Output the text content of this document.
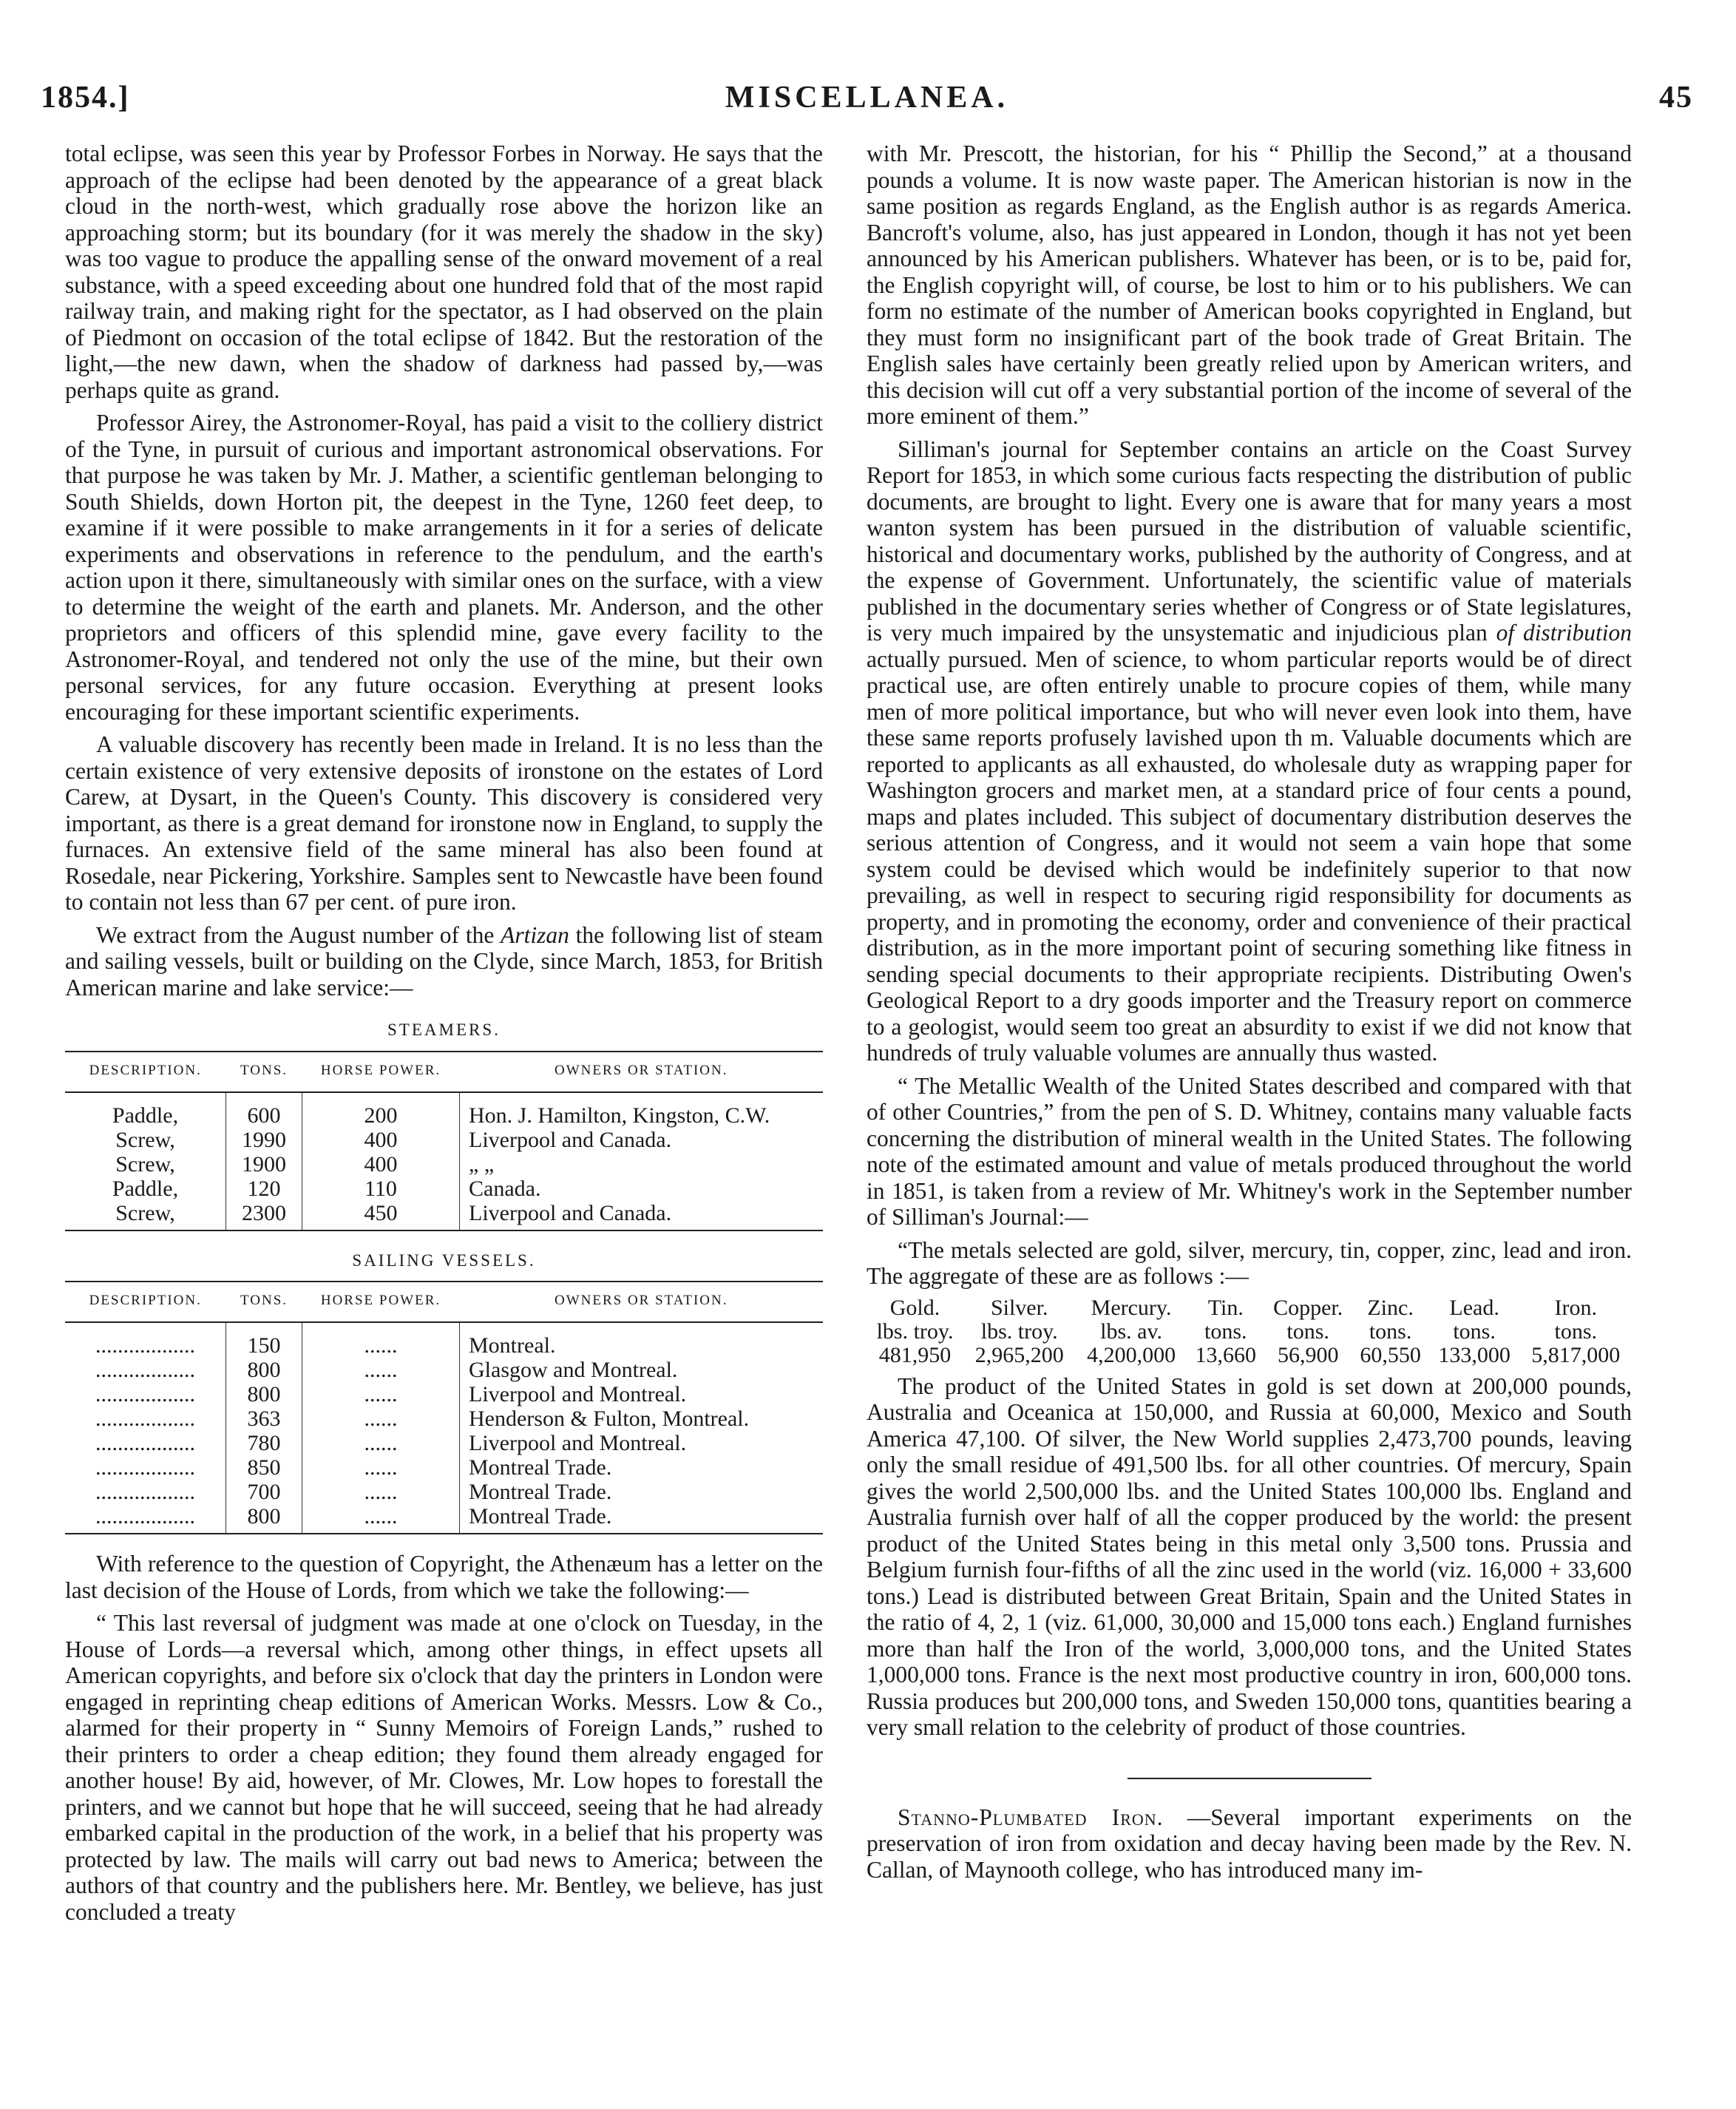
1854.]	MISCELLANEA.	45

total eclipse, was seen this year by Professor Forbes in Norway. He says that the approach of the eclipse had been denoted by the appearance of a great black cloud in the north-west, which gradually rose above the horizon like an approaching storm; but its boundary (for it was merely the shadow in the sky) was too vague to produce the appalling sense of the onward movement of a real substance, with a speed exceeding about one hundred fold that of the most rapid railway train, and making right for the spectator, as I had observed on the plain of Piedmont on occasion of the total eclipse of 1842. But the restoration of the light,—the new dawn, when the shadow of darkness had passed by,—was perhaps quite as grand.

Professor Airey, the Astronomer-Royal, has paid a visit to the colliery district of the Tyne, in pursuit of curious and important astronomical observations. For that purpose he was taken by Mr. J. Mather, a scientific gentleman belonging to South Shields, down Horton pit, the deepest in the Tyne, 1260 feet deep, to examine if it were possible to make arrangements in it for a series of delicate experiments and observations in reference to the pendulum, and the earth's action upon it there, simultaneously with similar ones on the surface, with a view to determine the weight of the earth and planets. Mr. Anderson, and the other proprietors and officers of this splendid mine, gave every facility to the Astronomer-Royal, and tendered not only the use of the mine, but their own personal services, for any future occasion. Everything at present looks encouraging for these important scientific experiments.

A valuable discovery has recently been made in Ireland. It is no less than the certain existence of very extensive deposits of ironstone on the estates of Lord Carew, at Dysart, in the Queen's County. This discovery is considered very important, as there is a great demand for ironstone now in England, to supply the furnaces. An extensive field of the same mineral has also been found at Rosedale, near Pickering, Yorkshire. Samples sent to Newcastle have been found to contain not less than 67 per cent. of pure iron.

We extract from the August number of the Artizan the following list of steam and sailing vessels, built or building on the Clyde, since March, 1853, for British American marine and lake service:—

STEAMERS.
DESCRIPTION.	TONS.	HORSE POWER.	OWNERS OR STATION.
Paddle,	600	200	Hon. J. Hamilton, Kingston, C.W.
Screw,	1990	400	Liverpool and Canada.
Screw,	1900	400	„ „
Paddle,	120	110	Canada.
Screw,	2300	450	Liverpool and Canada.
SAILING VESSELS.
DESCRIPTION.	TONS.	HORSE POWER.	OWNERS OR STATION.
..................	150	......	Montreal.
..................	800	......	Glasgow and Montreal.
..................	800	......	Liverpool and Montreal.
..................	363	......	Henderson & Fulton, Montreal.
..................	780	......	Liverpool and Montreal.
..................	850	......	Montreal Trade.
..................	700	......	Montreal Trade.
..................	800	......	Montreal Trade.

With reference to the question of Copyright, the Athenæum has a letter on the last decision of the House of Lords, from which we take the following:—

“ This last reversal of judgment was made at one o'clock on Tuesday, in the House of Lords—a reversal which, among other things, in effect upsets all American copyrights, and before six o'clock that day the printers in London were engaged in reprinting cheap editions of American Works. Messrs. Low & Co., alarmed for their property in “ Sunny Memoirs of Foreign Lands,” rushed to their printers to order a cheap edition; they found them already engaged for another house! By aid, however, of Mr. Clowes, Mr. Low hopes to forestall the printers, and we cannot but hope that he will succeed, seeing that he had already embarked capital in the production of the work, in a belief that his property was protected by law. The mails will carry out bad news to America; between the authors of that country and the publishers here. Mr. Bentley, we believe, has just concluded a treaty

with Mr. Prescott, the historian, for his “ Phillip the Second,” at a thousand pounds a volume. It is now waste paper. The American historian is now in the same position as regards England, as the English author is as regards America. Bancroft's volume, also, has just appeared in London, though it has not yet been announced by his American publishers. Whatever has been, or is to be, paid for, the English copyright will, of course, be lost to him or to his publishers. We can form no estimate of the number of American books copyrighted in England, but they must form no insignificant part of the book trade of Great Britain. The English sales have certainly been greatly relied upon by American writers, and this decision will cut off a very substantial portion of the income of several of the more eminent of them.”

Silliman's journal for September contains an article on the Coast Survey Report for 1853, in which some curious facts respecting the distribution of public documents, are brought to light. Every one is aware that for many years a most wanton system has been pursued in the distribution of valuable scientific, historical and documentary works, published by the authority of Congress, and at the expense of Government. Unfortunately, the scientific value of materials published in the documentary series whether of Congress or of State legislatures, is very much impaired by the unsystematic and injudicious plan of distribution actually pursued. Men of science, to whom particular reports would be of direct practical use, are often entirely unable to procure copies of them, while many men of more political importance, but who will never even look into them, have these same reports profusely lavished upon th m. Valuable documents which are reported to applicants as all exhausted, do wholesale duty as wrapping paper for Washington grocers and market men, at a standard price of four cents a pound, maps and plates included. This subject of documentary distribution deserves the serious attention of Congress, and it would not seem a vain hope that some system could be devised which would be indefinitely superior to that now prevailing, as well in respect to securing rigid responsibility for documents as property, and in promoting the economy, order and convenience of their practical distribution, as in the more important point of securing something like fitness in sending special documents to their appropriate recipients. Distributing Owen's Geological Report to a dry goods importer and the Treasury report on commerce to a geologist, would seem too great an absurdity to exist if we did not know that hundreds of truly valuable volumes are annually thus wasted.

“ The Metallic Wealth of the United States described and compared with that of other Countries,” from the pen of S. D. Whitney, contains many valuable facts concerning the distribution of mineral wealth in the United States. The following note of the estimated amount and value of metals produced throughout the world in 1851, is taken from a review of Mr. Whitney's work in the September number of Silliman's Journal:—

“The metals selected are gold, silver, mercury, tin, copper, zinc, lead and iron. The aggregate of these are as follows :—

Gold.	Silver.	Mercury.	Tin.	Copper.	Zinc.	Lead.	Iron.
lbs. troy.	lbs. troy.	lbs. av.	tons.	tons.	tons.	tons.	tons.
481,950	2,965,200	4,200,000	13,660	56,900	60,550	133,000	5,817,000

The product of the United States in gold is set down at 200,000 pounds, Australia and Oceanica at 150,000, and Russia at 60,000, Mexico and South America 47,100. Of silver, the New World supplies 2,473,700 pounds, leaving only the small residue of 491,500 lbs. for all other countries. Of mercury, Spain gives the world 2,500,000 lbs. and the United States 100,000 lbs. England and Australia furnish over half of all the copper produced by the world: the present product of the United States being in this metal only 3,500 tons. Prussia and Belgium furnish four-fifths of all the zinc used in the world (viz. 16,000 + 33,600 tons.) Lead is distributed between Great Britain, Spain and the United States in the ratio of 4, 2, 1 (viz. 61,000, 30,000 and 15,000 tons each.) England furnishes more than half the Iron of the world, 3,000,000 tons, and the United States 1,000,000 tons. France is the next most productive country in iron, 600,000 tons. Russia produces but 200,000 tons, and Sweden 150,000 tons, quantities bearing a very small relation to the celebrity of product of those countries.

Stanno-Plumbated Iron. —Several important experiments on the preservation of iron from oxidation and decay having been made by the Rev. N. Callan, of Maynooth college, who has introduced many im-
